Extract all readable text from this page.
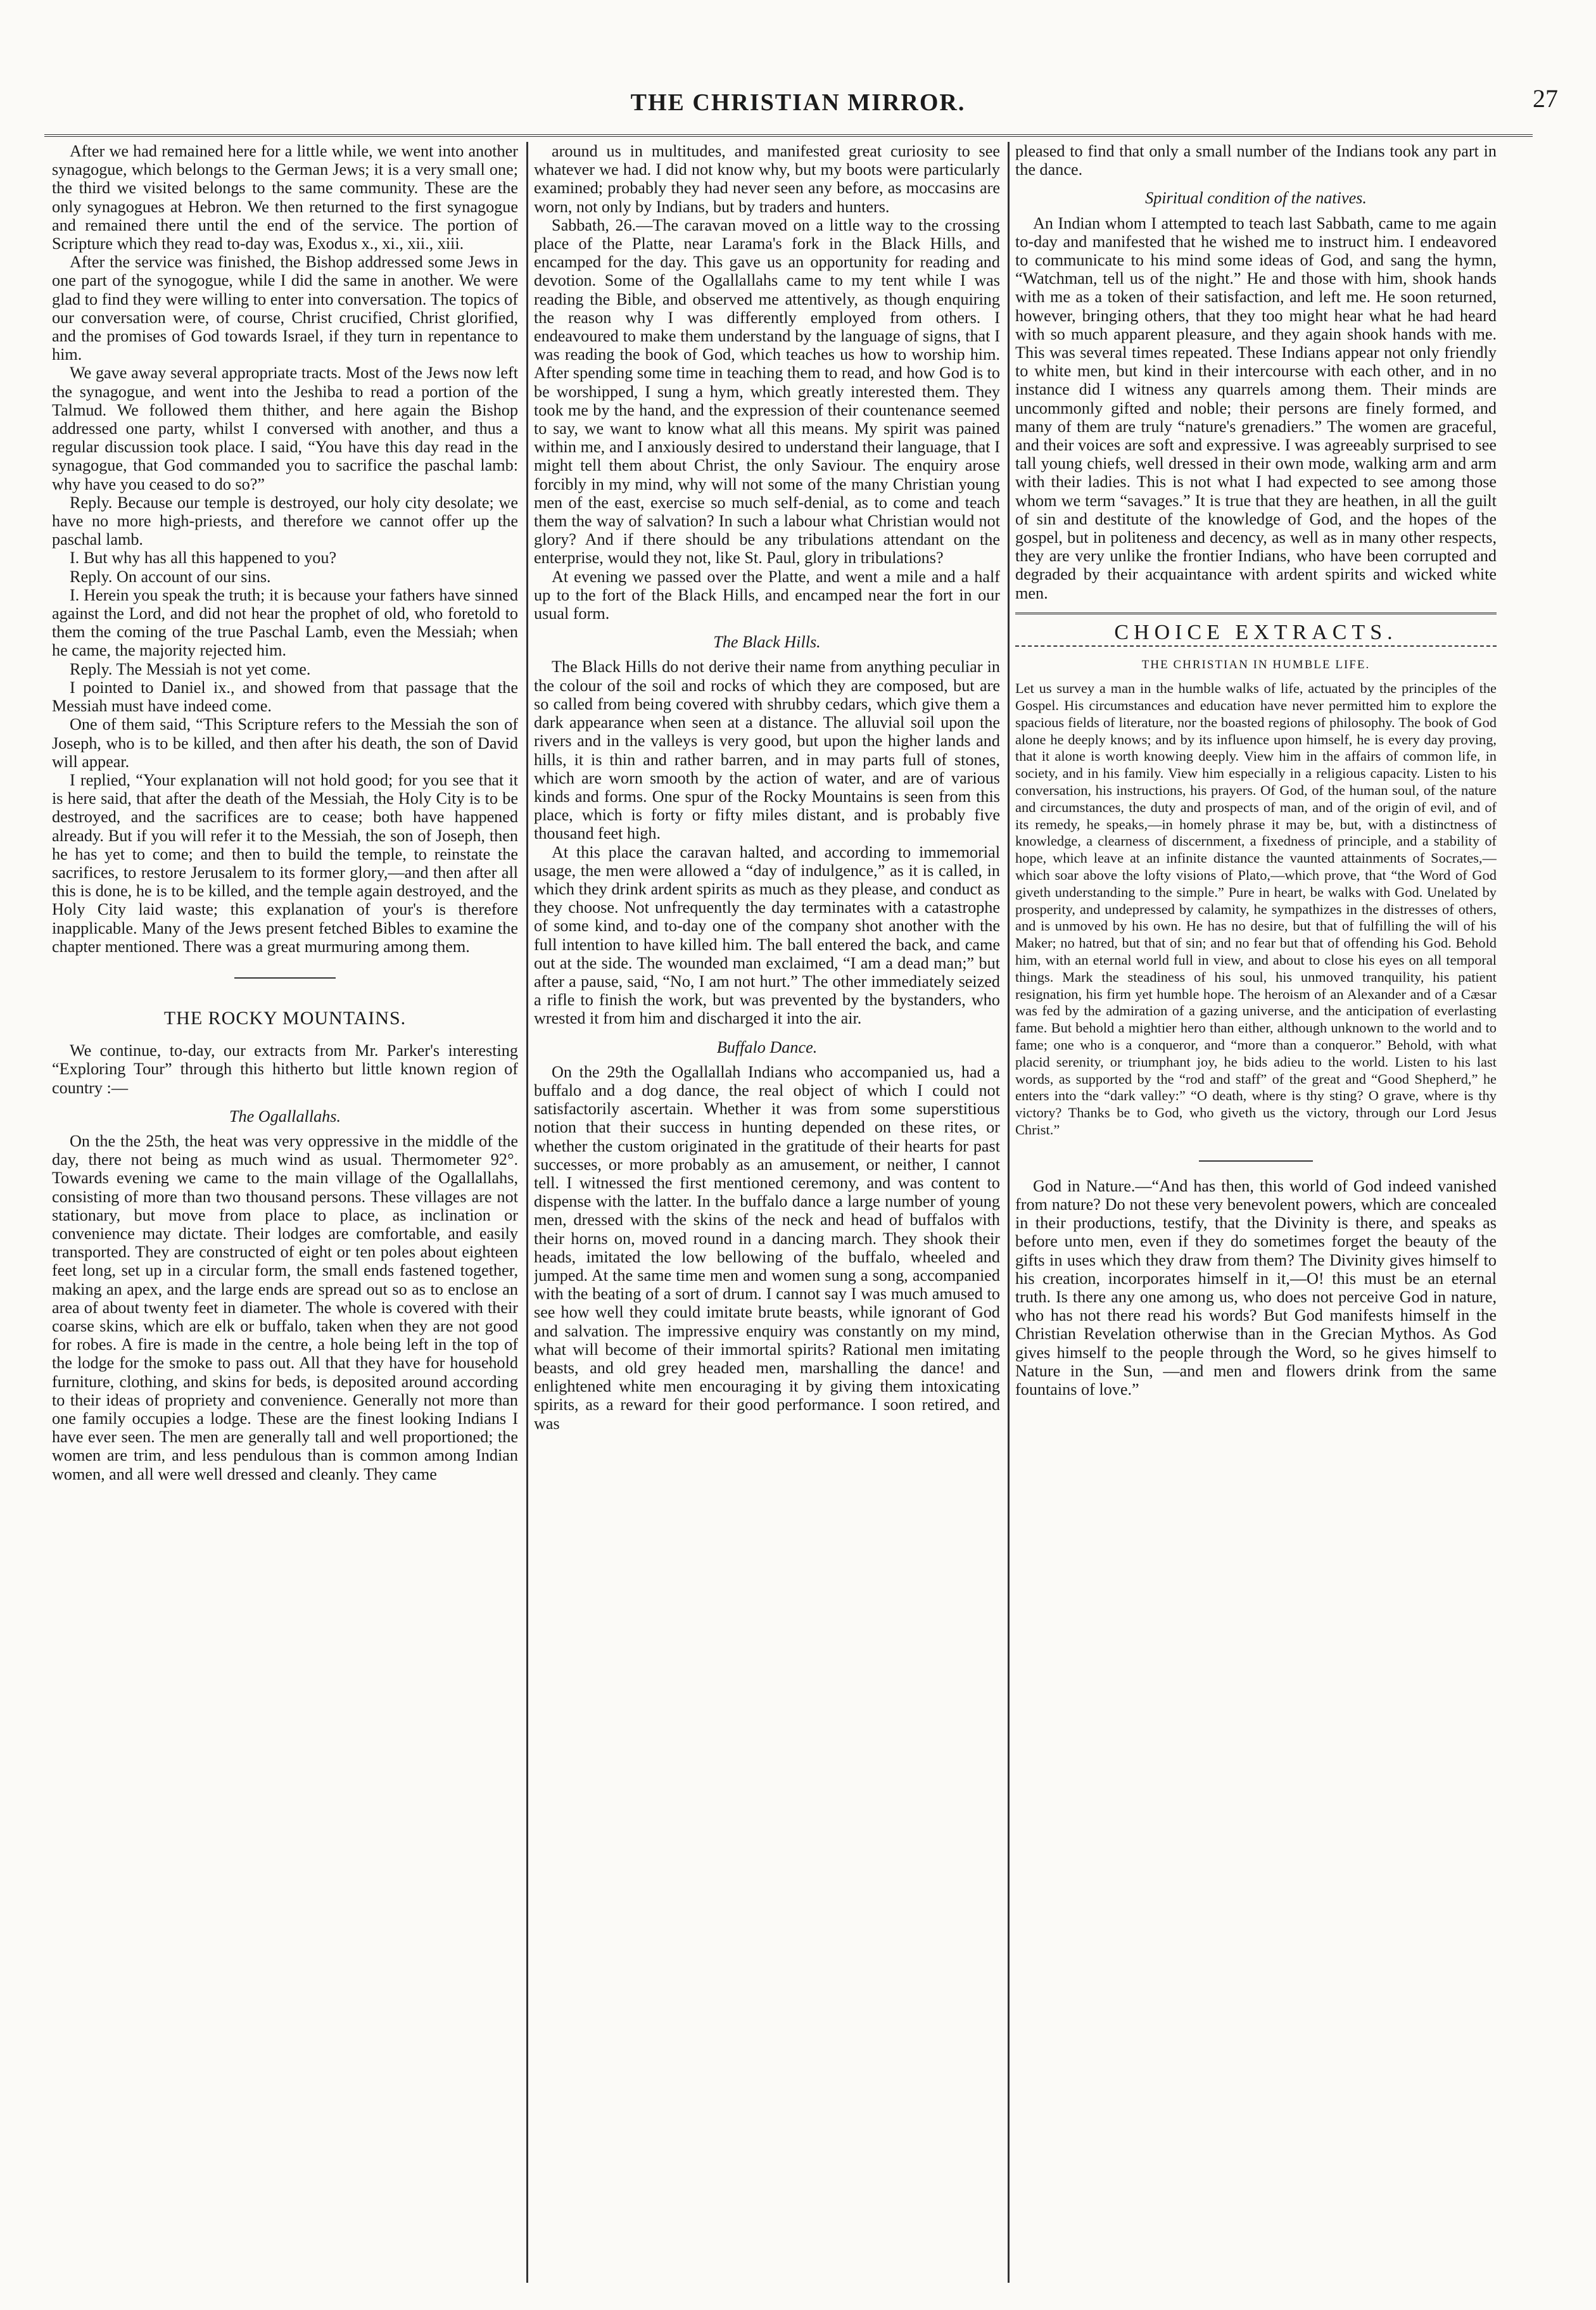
THE CHRISTIAN MIRROR.	27

After we had remained here for a little while, we went into another synagogue, which belongs to the German Jews; it is a very small one; the third we visited belongs to the same community. These are the only synagogues at Hebron. We then returned to the first synagogue and remained there until the end of the service. The portion of Scripture which they read to-day was, Exodus x., xi., xii., xiii.

After the service was finished, the Bishop addressed some Jews in one part of the synogogue, while I did the same in another. We were glad to find they were willing to enter into conversation. The topics of our conversation were, of course, Christ crucified, Christ glorified, and the promises of God towards Israel, if they turn in repentance to him.

We gave away several appropriate tracts. Most of the Jews now left the synagogue, and went into the Jeshiba to read a portion of the Talmud. We followed them thither, and here again the Bishop addressed one party, whilst I conversed with another, and thus a regular discussion took place. I said, “You have this day read in the synagogue, that God commanded you to sacrifice the paschal lamb: why have you ceased to do so?”

Reply. Because our temple is destroyed, our holy city desolate; we have no more high-priests, and therefore we cannot offer up the paschal lamb.

I. But why has all this happened to you?

Reply. On account of our sins.

I. Herein you speak the truth; it is because your fathers have sinned against the Lord, and did not hear the prophet of old, who foretold to them the coming of the true Paschal Lamb, even the Messiah; when he came, the majority rejected him.

Reply. The Messiah is not yet come.

I pointed to Daniel ix., and showed from that passage that the Messiah must have indeed come.

One of them said, “This Scripture refers to the Messiah the son of Joseph, who is to be killed, and then after his death, the son of David will appear.

I replied, “Your explanation will not hold good; for you see that it is here said, that after the death of the Messiah, the Holy City is to be destroyed, and the sacrifices are to cease; both have happened already. But if you will refer it to the Messiah, the son of Joseph, then he has yet to come; and then to build the temple, to reinstate the sacrifices, to restore Jerusalem to its former glory,—and then after all this is done, he is to be killed, and the temple again destroyed, and the Holy City laid waste; this explanation of your's is therefore inapplicable. Many of the Jews present fetched Bibles to examine the chapter mentioned. There was a great murmuring among them.

THE ROCKY MOUNTAINS.

We continue, to-day, our extracts from Mr. Parker's interesting “Exploring Tour” through this hitherto but little known region of country :—

The Ogallallahs.

On the the 25th, the heat was very oppressive in the middle of the day, there not being as much wind as usual. Thermometer 92°. Towards evening we came to the main village of the Ogallallahs, consisting of more than two thousand persons. These villages are not stationary, but move from place to place, as inclination or convenience may dictate. Their lodges are comfortable, and easily transported. They are constructed of eight or ten poles about eighteen feet long, set up in a circular form, the small ends fastened together, making an apex, and the large ends are spread out so as to enclose an area of about twenty feet in diameter. The whole is covered with their coarse skins, which are elk or buffalo, taken when they are not good for robes. A fire is made in the centre, a hole being left in the top of the lodge for the smoke to pass out. All that they have for household furniture, clothing, and skins for beds, is deposited around according to their ideas of propriety and convenience. Generally not more than one family occupies a lodge. These are the finest looking Indians I have ever seen. The men are generally tall and well proportioned; the women are trim, and less pendulous than is common among Indian women, and all were well dressed and cleanly. They came

around us in multitudes, and manifested great curiosity to see whatever we had. I did not know why, but my boots were particularly examined; probably they had never seen any before, as moccasins are worn, not only by Indians, but by traders and hunters.

Sabbath, 26.—The caravan moved on a little way to the crossing place of the Platte, near Larama's fork in the Black Hills, and encamped for the day. This gave us an opportunity for reading and devotion. Some of the Ogallallahs came to my tent while I was reading the Bible, and observed me attentively, as though enquiring the reason why I was differently employed from others. I endeavoured to make them understand by the language of signs, that I was reading the book of God, which teaches us how to worship him. After spending some time in teaching them to read, and how God is to be worshipped, I sung a hym, which greatly interested them. They took me by the hand, and the expression of their countenance seemed to say, we want to know what all this means. My spirit was pained within me, and I anxiously desired to understand their language, that I might tell them about Christ, the only Saviour. The enquiry arose forcibly in my mind, why will not some of the many Christian young men of the east, exercise so much self-denial, as to come and teach them the way of salvation? In such a labour what Christian would not glory? And if there should be any tribulations attendant on the enterprise, would they not, like St. Paul, glory in tribulations?

At evening we passed over the Platte, and went a mile and a half up to the fort of the Black Hills, and encamped near the fort in our usual form.

The Black Hills.

The Black Hills do not derive their name from anything peculiar in the colour of the soil and rocks of which they are composed, but are so called from being covered with shrubby cedars, which give them a dark appearance when seen at a distance. The alluvial soil upon the rivers and in the valleys is very good, but upon the higher lands and hills, it is thin and rather barren, and in may parts full of stones, which are worn smooth by the action of water, and are of various kinds and forms. One spur of the Rocky Mountains is seen from this place, which is forty or fifty miles distant, and is probably five thousand feet high.

At this place the caravan halted, and according to immemorial usage, the men were allowed a “day of indulgence,” as it is called, in which they drink ardent spirits as much as they please, and conduct as they choose. Not unfrequently the day terminates with a catastrophe of some kind, and to-day one of the company shot another with the full intention to have killed him. The ball entered the back, and came out at the side. The wounded man exclaimed, “I am a dead man;” but after a pause, said, “No, I am not hurt.” The other immediately seized a rifle to finish the work, but was prevented by the bystanders, who wrested it from him and discharged it into the air.

Buffalo Dance.

On the 29th the Ogallallah Indians who accompanied us, had a buffalo and a dog dance, the real object of which I could not satisfactorily ascertain. Whether it was from some superstitious notion that their success in hunting depended on these rites, or whether the custom originated in the gratitude of their hearts for past successes, or more probably as an amusement, or neither, I cannot tell. I witnessed the first mentioned ceremony, and was content to dispense with the latter. In the buffalo dance a large number of young men, dressed with the skins of the neck and head of buffalos with their horns on, moved round in a dancing march. They shook their heads, imitated the low bellowing of the buffalo, wheeled and jumped. At the same time men and women sung a song, accompanied with the beating of a sort of drum. I cannot say I was much amused to see how well they could imitate brute beasts, while ignorant of God and salvation. The impressive enquiry was constantly on my mind, what will become of their immortal spirits? Rational men imitating beasts, and old grey headed men, marshalling the dance! and enlightened white men encouraging it by giving them intoxicating spirits, as a reward for their good performance. I soon retired, and was

pleased to find that only a small number of the Indians took any part in the dance.

Spiritual condition of the natives.

An Indian whom I attempted to teach last Sabbath, came to me again to-day and manifested that he wished me to instruct him. I endeavored to communicate to his mind some ideas of God, and sang the hymn, “Watchman, tell us of the night.” He and those with him, shook hands with me as a token of their satisfaction, and left me. He soon returned, however, bringing others, that they too might hear what he had heard with so much apparent pleasure, and they again shook hands with me. This was several times repeated. These Indians appear not only friendly to white men, but kind in their intercourse with each other, and in no instance did I witness any quarrels among them. Their minds are uncommonly gifted and noble; their persons are finely formed, and many of them are truly “nature's grenadiers.” The women are graceful, and their voices are soft and expressive. I was agreeably surprised to see tall young chiefs, well dressed in their own mode, walking arm and arm with their ladies. This is not what I had expected to see among those whom we term “savages.” It is true that they are heathen, in all the guilt of sin and destitute of the knowledge of God, and the hopes of the gospel, but in politeness and decency, as well as in many other respects, they are very unlike the frontier Indians, who have been corrupted and degraded by their acquaintance with ardent spirits and wicked white men.

CHOICE EXTRACTS.
THE CHRISTIAN IN HUMBLE LIFE.

Let us survey a man in the humble walks of life, actuated by the principles of the Gospel. His circumstances and education have never permitted him to explore the spacious fields of literature, nor the boasted regions of philosophy. The book of God alone he deeply knows; and by its influence upon himself, he is every day proving, that it alone is worth knowing deeply. View him in the affairs of common life, in society, and in his family. View him especially in a religious capacity. Listen to his conversation, his instructions, his prayers. Of God, of the human soul, of the nature and circumstances, the duty and prospects of man, and of the origin of evil, and of its remedy, he speaks,—in homely phrase it may be, but, with a distinctness of knowledge, a clearness of discernment, a fixedness of principle, and a stability of hope, which leave at an infinite distance the vaunted attainments of Socrates,—which soar above the lofty visions of Plato,—which prove, that “the Word of God giveth understanding to the simple.” Pure in heart, be walks with God. Unelated by prosperity, and undepressed by calamity, he sympathizes in the distresses of others, and is unmoved by his own. He has no desire, but that of fulfilling the will of his Maker; no hatred, but that of sin; and no fear but that of offending his God. Behold him, with an eternal world full in view, and about to close his eyes on all temporal things. Mark the steadiness of his soul, his unmoved tranquility, his patient resignation, his firm yet humble hope. The heroism of an Alexander and of a Cæsar was fed by the admiration of a gazing universe, and the anticipation of everlasting fame. But behold a mightier hero than either, although unknown to the world and to fame; one who is a conqueror, and “more than a conqueror.” Behold, with what placid serenity, or triumphant joy, he bids adieu to the world. Listen to his last words, as supported by the “rod and staff” of the great and “Good Shepherd,” he enters into the “dark valley:” “O death, where is thy sting? O grave, where is thy victory? Thanks be to God, who giveth us the victory, through our Lord Jesus Christ.”

God in Nature.—“And has then, this world of God indeed vanished from nature? Do not these very benevolent powers, which are concealed in their productions, testify, that the Divinity is there, and speaks as before unto men, even if they do sometimes forget the beauty of the gifts in uses which they draw from them? The Divinity gives himself to his creation, incorporates himself in it,—O! this must be an eternal truth. Is there any one among us, who does not perceive God in nature, who has not there read his words? But God manifests himself in the Christian Revelation otherwise than in the Grecian Mythos. As God gives himself to the people through the Word, so he gives himself to Nature in the Sun, —and men and flowers drink from the same fountains of love.”
